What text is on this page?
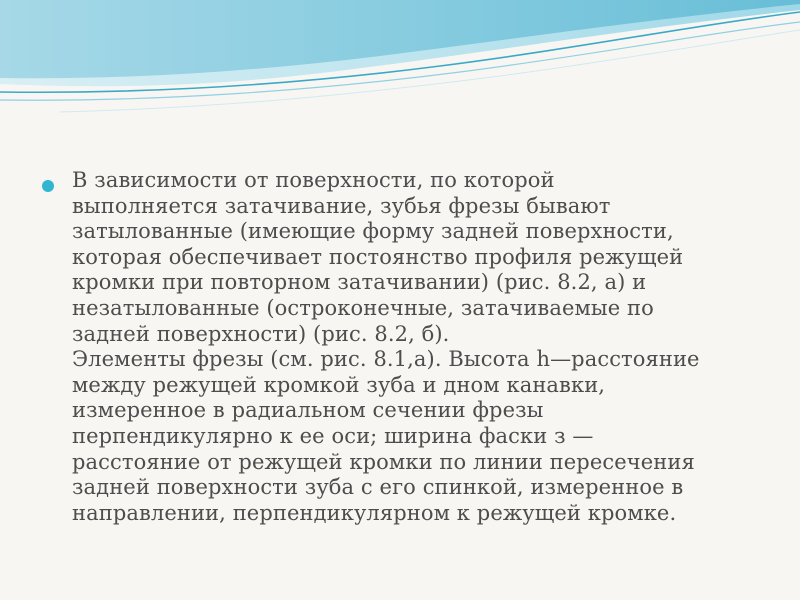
В зависимости от поверхности, по которой
выполняется затачивание, зубья фрезы бывают
затылованные (имеющие форму задней поверхности,
которая обеспечивает постоянство профиля режущей
кромки при повторном затачивании) (рис. 8.2, а) и
незатылованные (остроконечные, затачиваемые по
задней поверхности) (рис. 8.2, б).
Элементы фрезы (см. рис. 8.1,а). Высота h—расстояние
между режущей кромкой зуба и дном канавки,
измеренное в радиальном сечении фрезы
перпендикулярно к ее оси; ширина фаски з —
расстояние от режущей кромки по линии пересечения
задней поверхности зуба с его спинкой, измеренное в
направлении, перпендикулярном к режущей кромке.
